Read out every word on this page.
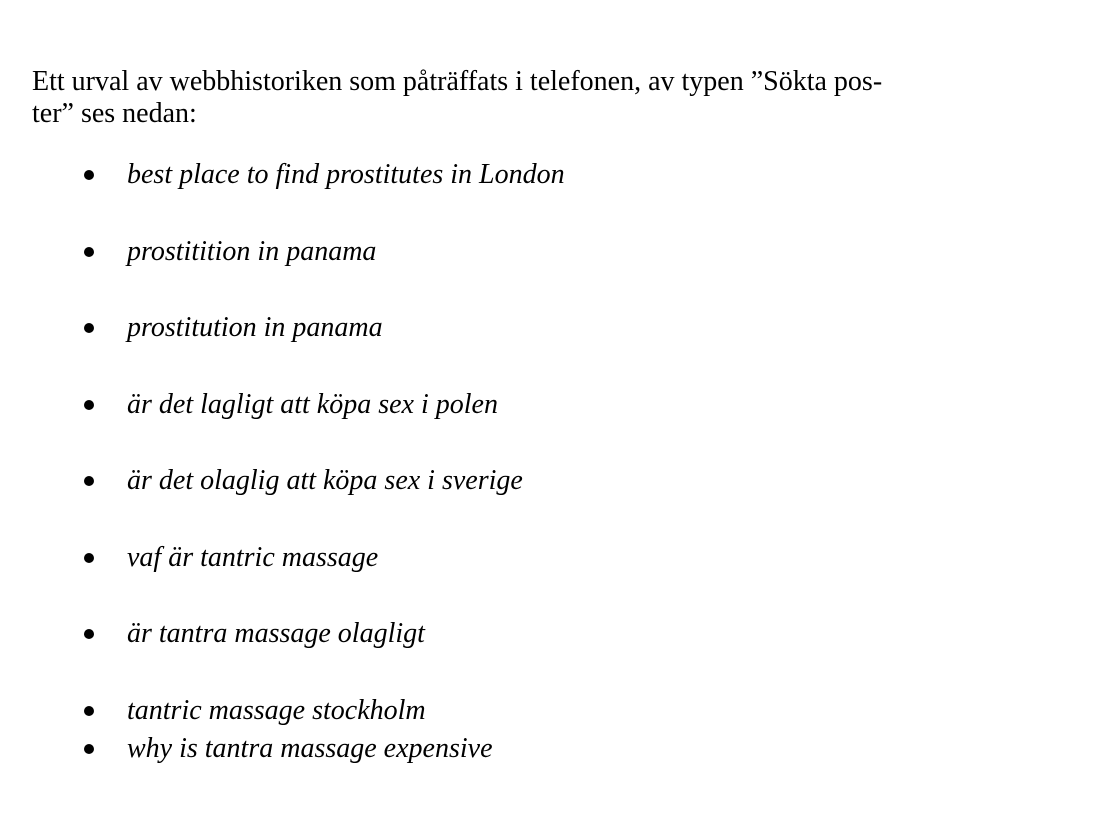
Ett urval av webbhistoriken som påträffats i telefonen, av typen ”Sökta pos-
ter” ses nedan:

best place to find prostitutes in London
prostitition in panama
prostitution in panama
är det lagligt att köpa sex i polen
är det olaglig att köpa sex i sverige
vaf är tantric massage
är tantra massage olagligt
tantric massage stockholm
why is tantra massage expensive
